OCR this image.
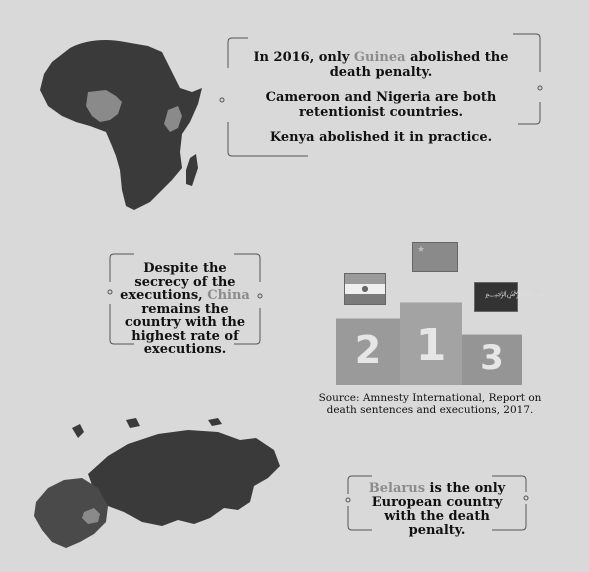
In 2016, only Guinea abolished the
death penalty.
Cameroon and Nigeria are both
retentionist countries.
Kenya abolished it in practice.
Despite the
secrecy of the
executions, China
remains the
country with the
highest rate of
executions.
★
●
﷽
2 1 3
Source: Amnesty International, Report on
death sentences and executions, 2017.
Belarus is the only
European country
with the death
penalty.
